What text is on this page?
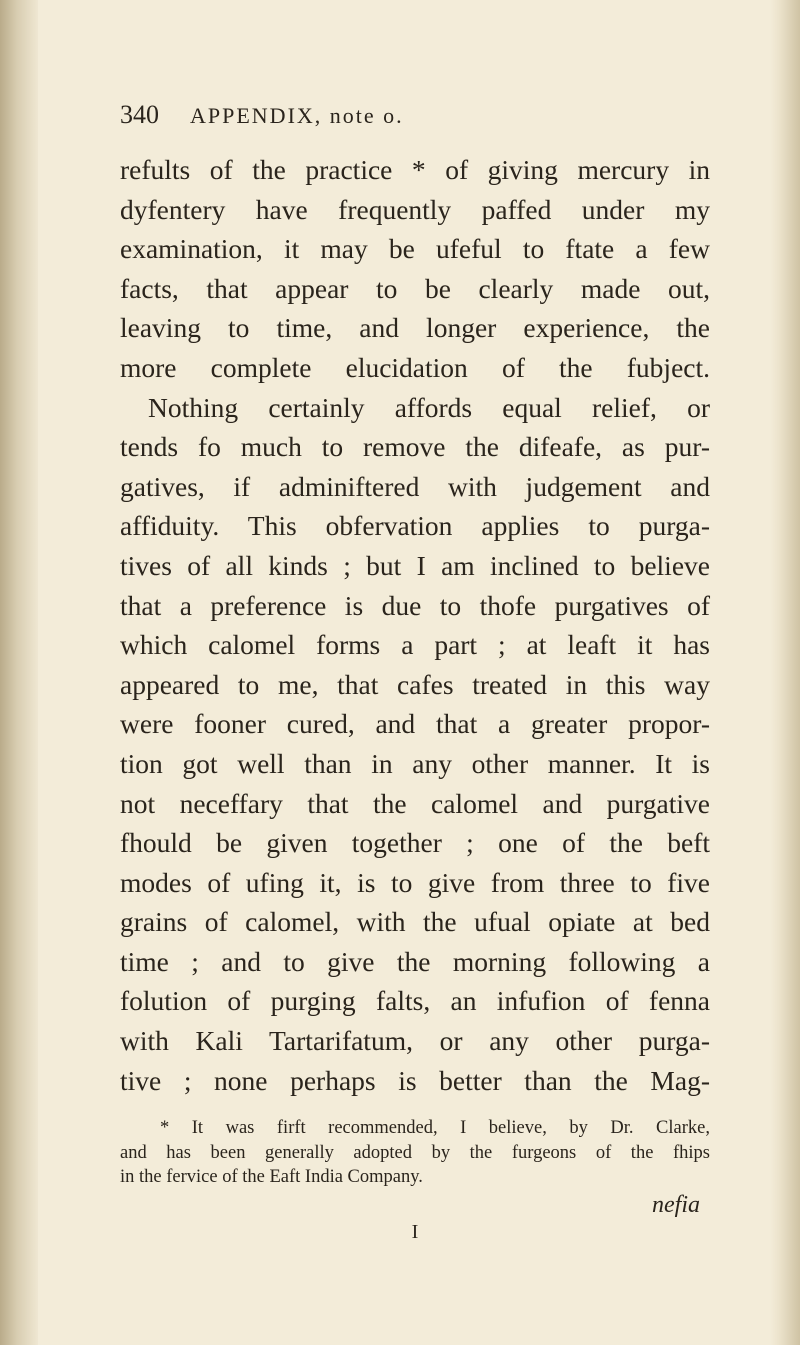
340	APPENDIX, note o.
refults of the practice * of giving mercury in
dyfentery have frequently paffed under my
examination, it may be ufeful to ftate a few
facts, that appear to be clearly made out,
leaving to time, and longer experience, the
more complete elucidation of the fubject.
Nothing certainly affords equal relief, or
tends fo much to remove the difeafe, as pur-
gatives, if adminiftered with judgement and
affiduity. This obfervation applies to purga-
tives of all kinds ; but I am inclined to believe
that a preference is due to thofe purgatives of
which calomel forms a part ; at leaft it has
appeared to me, that cafes treated in this way
were fooner cured, and that a greater propor-
tion got well than in any other manner. It is
not neceffary that the calomel and purgative
fhould be given together ; one of the beft
modes of ufing it, is to give from three to five
grains of calomel, with the ufual opiate at bed
time ; and to give the morning following a
folution of purging falts, an infufion of fenna
with Kali Tartarifatum, or any other purga-
tive ; none perhaps is better than the Mag-
* It was firft recommended, I believe, by Dr. Clarke,
and has been generally adopted by the furgeons of the fhips
in the fervice of the Eaft India Company.
nefia
I
